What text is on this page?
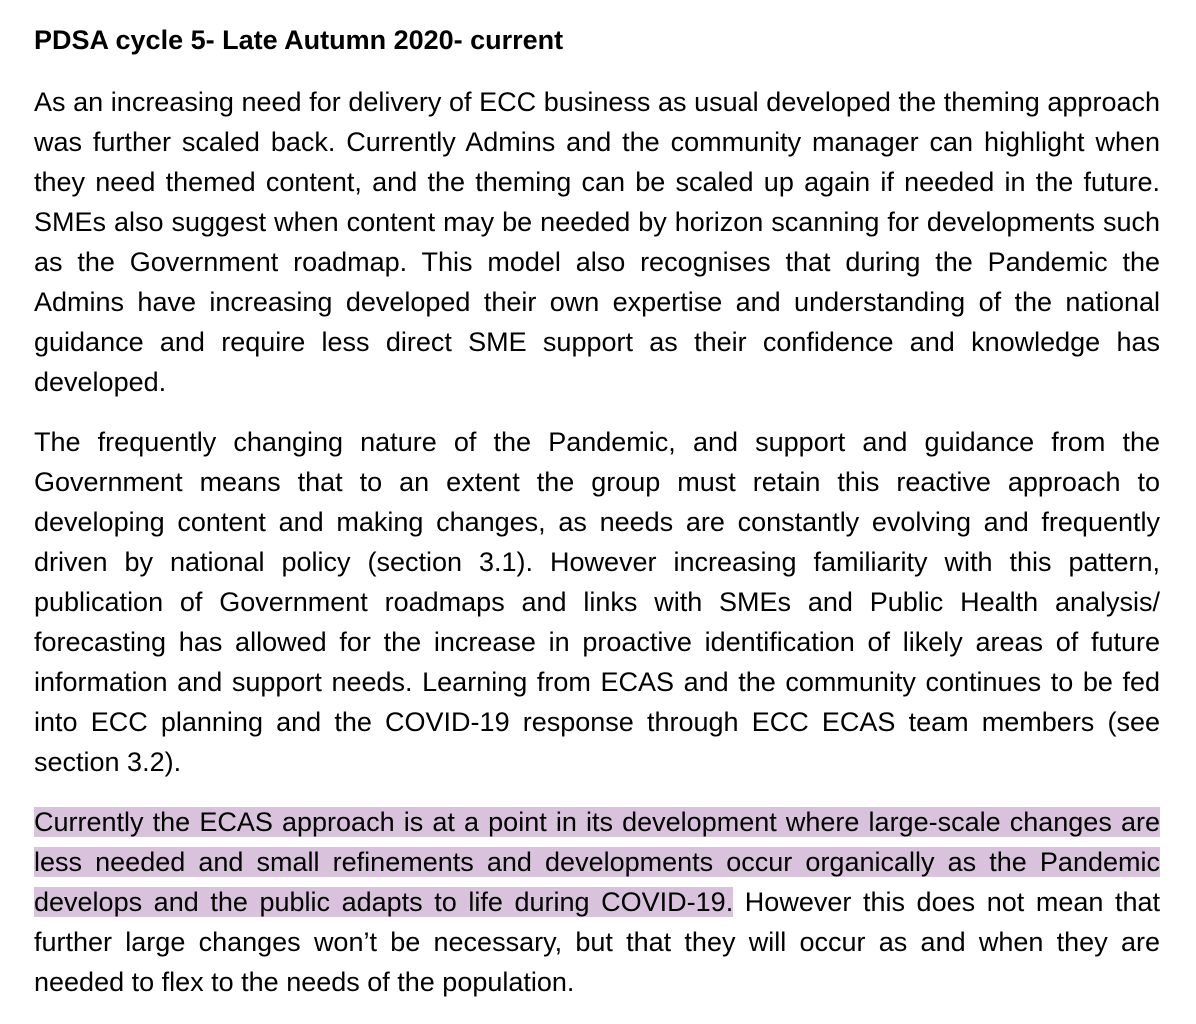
PDSA cycle 5- Late Autumn 2020- current

As an increasing need for delivery of ECC business as usual developed the theming approach was further scaled back. Currently Admins and the community manager can highlight when they need themed content, and the theming can be scaled up again if needed in the future. SMEs also suggest when content may be needed by horizon scanning for developments such as the Government roadmap. This model also recognises that during the Pandemic the Admins have increasing developed their own expertise and understanding of the national guidance and require less direct SME support as their confidence and knowledge has developed.

The frequently changing nature of the Pandemic, and support and guidance from the Government means that to an extent the group must retain this reactive approach to developing content and making changes, as needs are constantly evolving and frequently driven by national policy (section 3.1). However increasing familiarity with this pattern, publication of Government roadmaps and links with SMEs and Public Health analysis/ forecasting has allowed for the increase in proactive identification of likely areas of future information and support needs. Learning from ECAS and the community continues to be fed into ECC planning and the COVID-19 response through ECC ECAS team members (see section 3.2).

Currently the ECAS approach is at a point in its development where large-scale changes are less needed and small refinements and developments occur organically as the Pandemic develops and the public adapts to life during COVID-19. However this does not mean that further large changes won’t be necessary, but that they will occur as and when they are needed to flex to the needs of the population.
